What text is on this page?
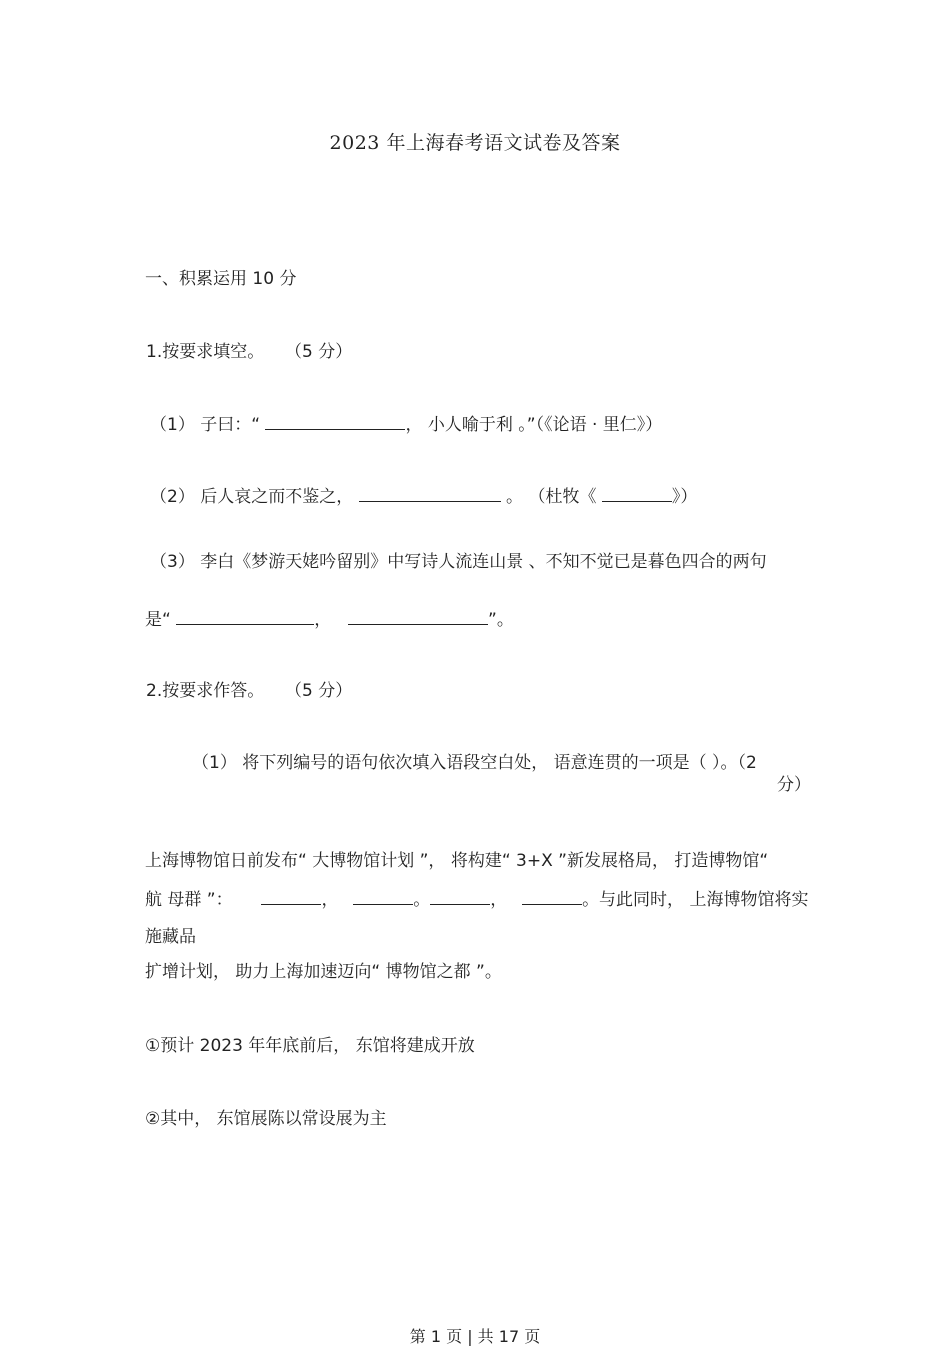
2023 年上海春考语文试卷及答案
一、积累运用 10 分
1.按要求填空。 （5 分）
（1） 子曰：“	， 小人喻于利 。”（《论语 · 里仁》）
（2） 后人哀之而不鉴之，	。 （杜牧《	》）
（3） 李白《梦游天姥吟留别》中写诗人流连山景 、不知不觉已是暮色四合的两句
是“	，	”。
2.按要求作答。 （5 分）
（1） 将下列编号的语句依次填入语段空白处， 语意连贯的一项是（ ）。（2
分）
上海博物馆日前发布“ 大博物馆计划 ”， 将构建“ 3+X ”新发展格局， 打造博物馆“
航 母群 ”：	，	。	，	。与此同时， 上海博物馆将实
施藏品
扩增计划， 助力上海加速迈向“ 博物馆之都 ”。
①预计 2023 年年底前后， 东馆将建成开放
②其中， 东馆展陈以常设展为主
第 1 页 | 共 17 页
